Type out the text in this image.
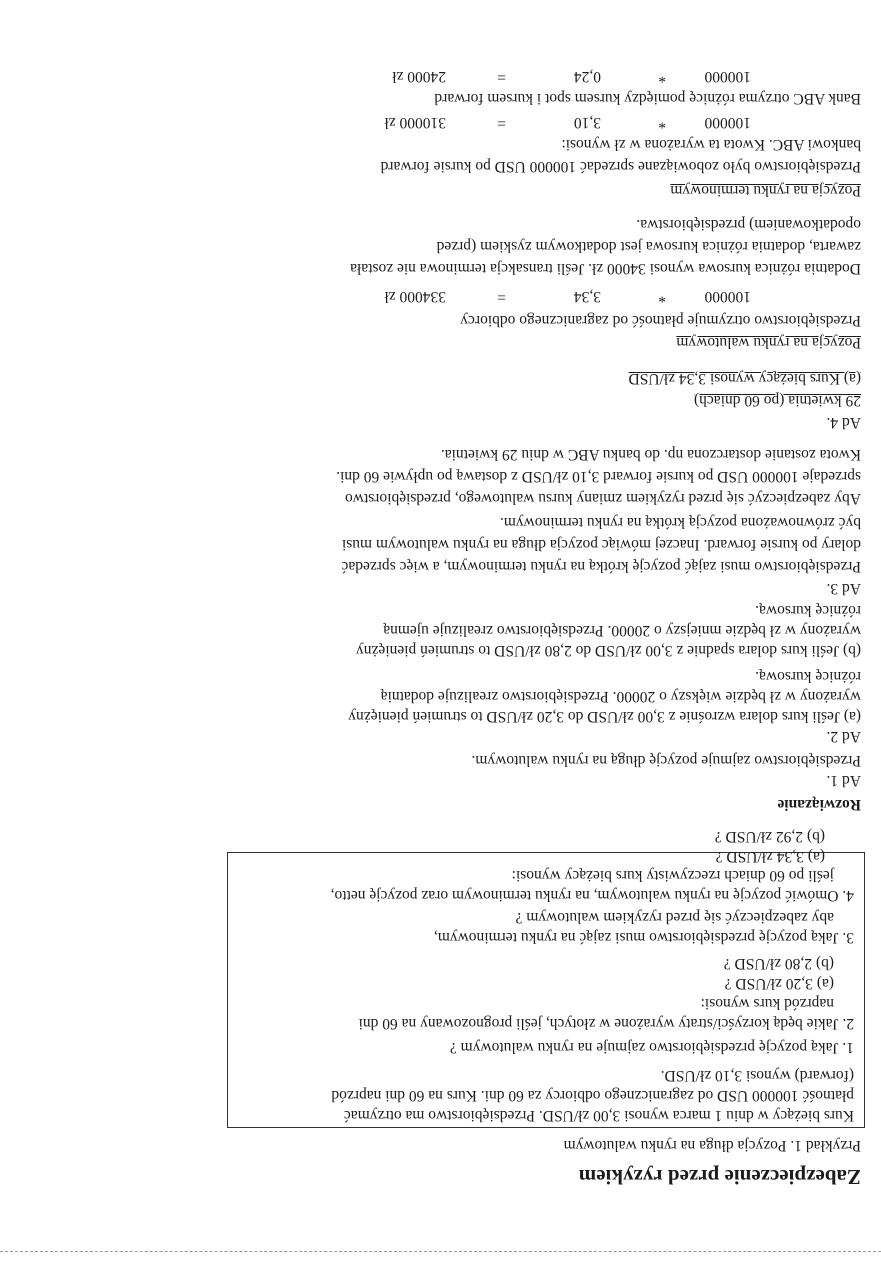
Zabezpieczenie przed ryzykiem
Przykład 1. Pozycja długa na rynku walutowym
Kurs bieżący w dniu 1 marca wynosi 3,00 zł/USD. Przedsiębiorstwo ma otrzymać
płatność 100000 USD od zagranicznego odbiorcy za 60 dni. Kurs na 60 dni naprzód
(forward) wynosi 3,10 zł/USD.
1. Jaką pozycję przedsiębiorstwo zajmuje na rynku walutowym ?
2. Jakie będą korzyści/straty wyrażone w złotych, jeśli prognozowany na 60 dni
naprzód kurs wynosi:
(a) 3,20 zł/USD ?
(b) 2,80 zł/USD ?
3. Jaką pozycję przedsiębiorstwo musi zająć na rynku terminowym,
aby zabezpieczyć się przed ryzykiem walutowym ?
4. Omówić pozycję na rynku walutowym, na rynku terminowym oraz pozycję netto,
jeśli po 60 dniach rzeczywisty kurs bieżący wynosi:
(a) 3,34 zł/USD ?
(b) 2,92 zł/USD ?
Rozwiązanie
Ad 1.
Przedsiębiorstwo zajmuje pozycję długą na rynku walutowym.
Ad 2.
(a) Jeśli kurs dolara wzrośnie z 3,00 zł/USD do 3,20 zł/USD to strumień pieniężny
wyrażony w zł będzie większy o 20000. Przedsiębiorstwo zrealizuje dodatnią
różnicę kursową.
(b) Jeśli kurs dolara spadnie z 3,00 zł/USD do 2,80 zł/USD to strumień pieniężny
wyrażony w zł będzie mniejszy o 20000. Przedsiębiorstwo zrealizuje ujemną
różnicę kursową.
Ad 3.
Przedsiębiorstwo musi zająć pozycję krótką na rynku terminowym, a więc sprzedać
dolary po kursie forward. Inaczej mówiąc pozycja długa na rynku walutowym musi
być zrównoważona pozycją krótką na rynku terminowym.
Aby zabezpieczyć się przed ryzykiem zmiany kursu walutowego, przedsiębiorstwo
sprzedaje 100000 USD po kursie forward 3,10 zł/USD z dostawą po upływie 60 dni.
Kwota zostanie dostarczona np. do banku ABC w dniu 29 kwietnia.
Ad 4.
29 kwietnia (po 60 dniach)
(a) Kurs bieżący wynosi 3,34 zł/USD
Pozycja na rynku walutowym
Przedsiębiorstwo otrzymuje płatność od zagranicznego odbiorcy
100000
*
3,34
=
334000 zł
Dodatnia różnica kursowa wynosi 34000 zł. Jeśli transakcja terminowa nie została
zawarta, dodatnia różnica kursowa jest dodatkowym zyskiem (przed
opodatkowaniem) przedsiębiorstwa.
Pozycja na rynku terminowym
Przedsiębiorstwo było zobowiązane sprzedać 100000 USD po kursie forward
bankowi ABC. Kwota ta wyrażona w zł wynosi:
100000
*
3,10
=
310000 zł
Bank ABC otrzyma różnicę pomiędzy kursem spot i kursem forward
100000
*
0,24
=
24000 zł
